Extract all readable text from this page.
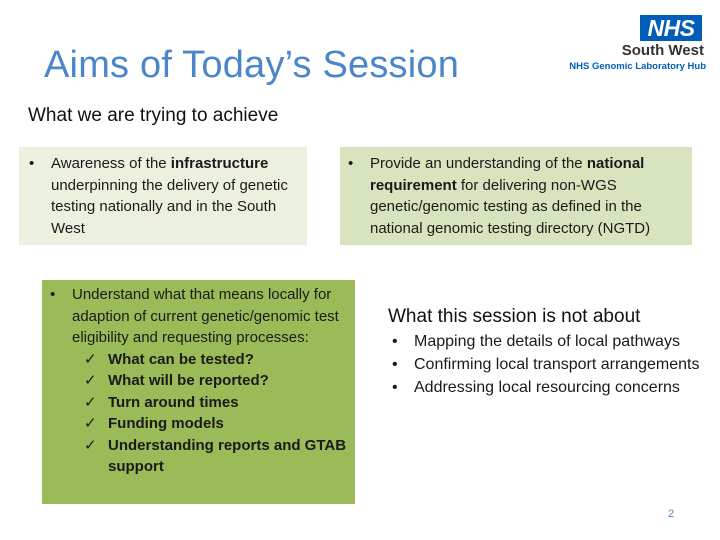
Aims of Today’s Session
NHS
South West
NHS Genomic Laboratory Hub
What we are trying to achieve
• Awareness of the infrastructure underpinning the delivery of genetic testing nationally and in the South West
• Provide an understanding of the national requirement for delivering non-WGS genetic/genomic testing as defined in the national genomic testing directory (NGTD)
• Understand what that means locally for adaption of current genetic/genomic test eligibility and requesting processes:
✓ What can be tested?
✓ What will be reported?
✓ Turn around times
✓ Funding models
✓ Understanding reports and GTAB support
What this session is not about
• Mapping the details of local pathways
• Confirming local transport arrangements
• Addressing local resourcing concerns
2
